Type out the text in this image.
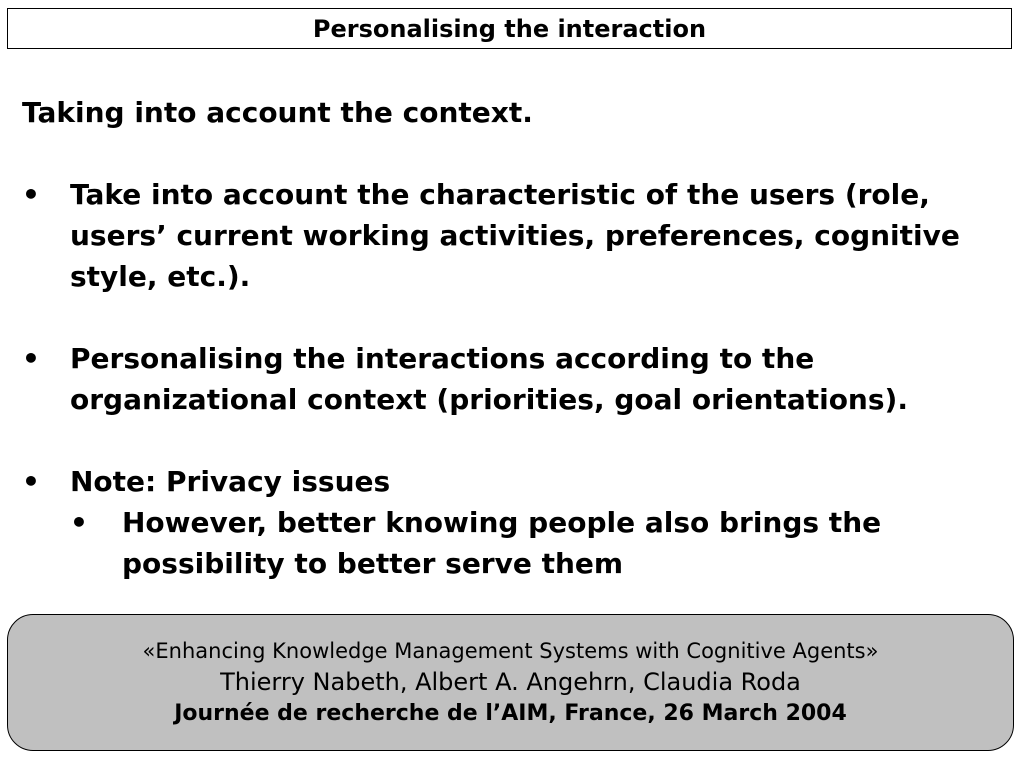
Personalising the interaction

Taking into account the context.

•	Take into account the characteristic of the users (role, users’ current working activities, preferences, cognitive style, etc.).
•	Personalising the interactions according to the organizational context (priorities, goal orientations).
•	Note: Privacy issues
•	However, better knowing people also brings the possibility to better serve them
«Enhancing Knowledge Management Systems with Cognitive Agents»
Thierry Nabeth, Albert A. Angehrn, Claudia Roda
Journée de recherche de l’AIM, France, 26 March 2004
